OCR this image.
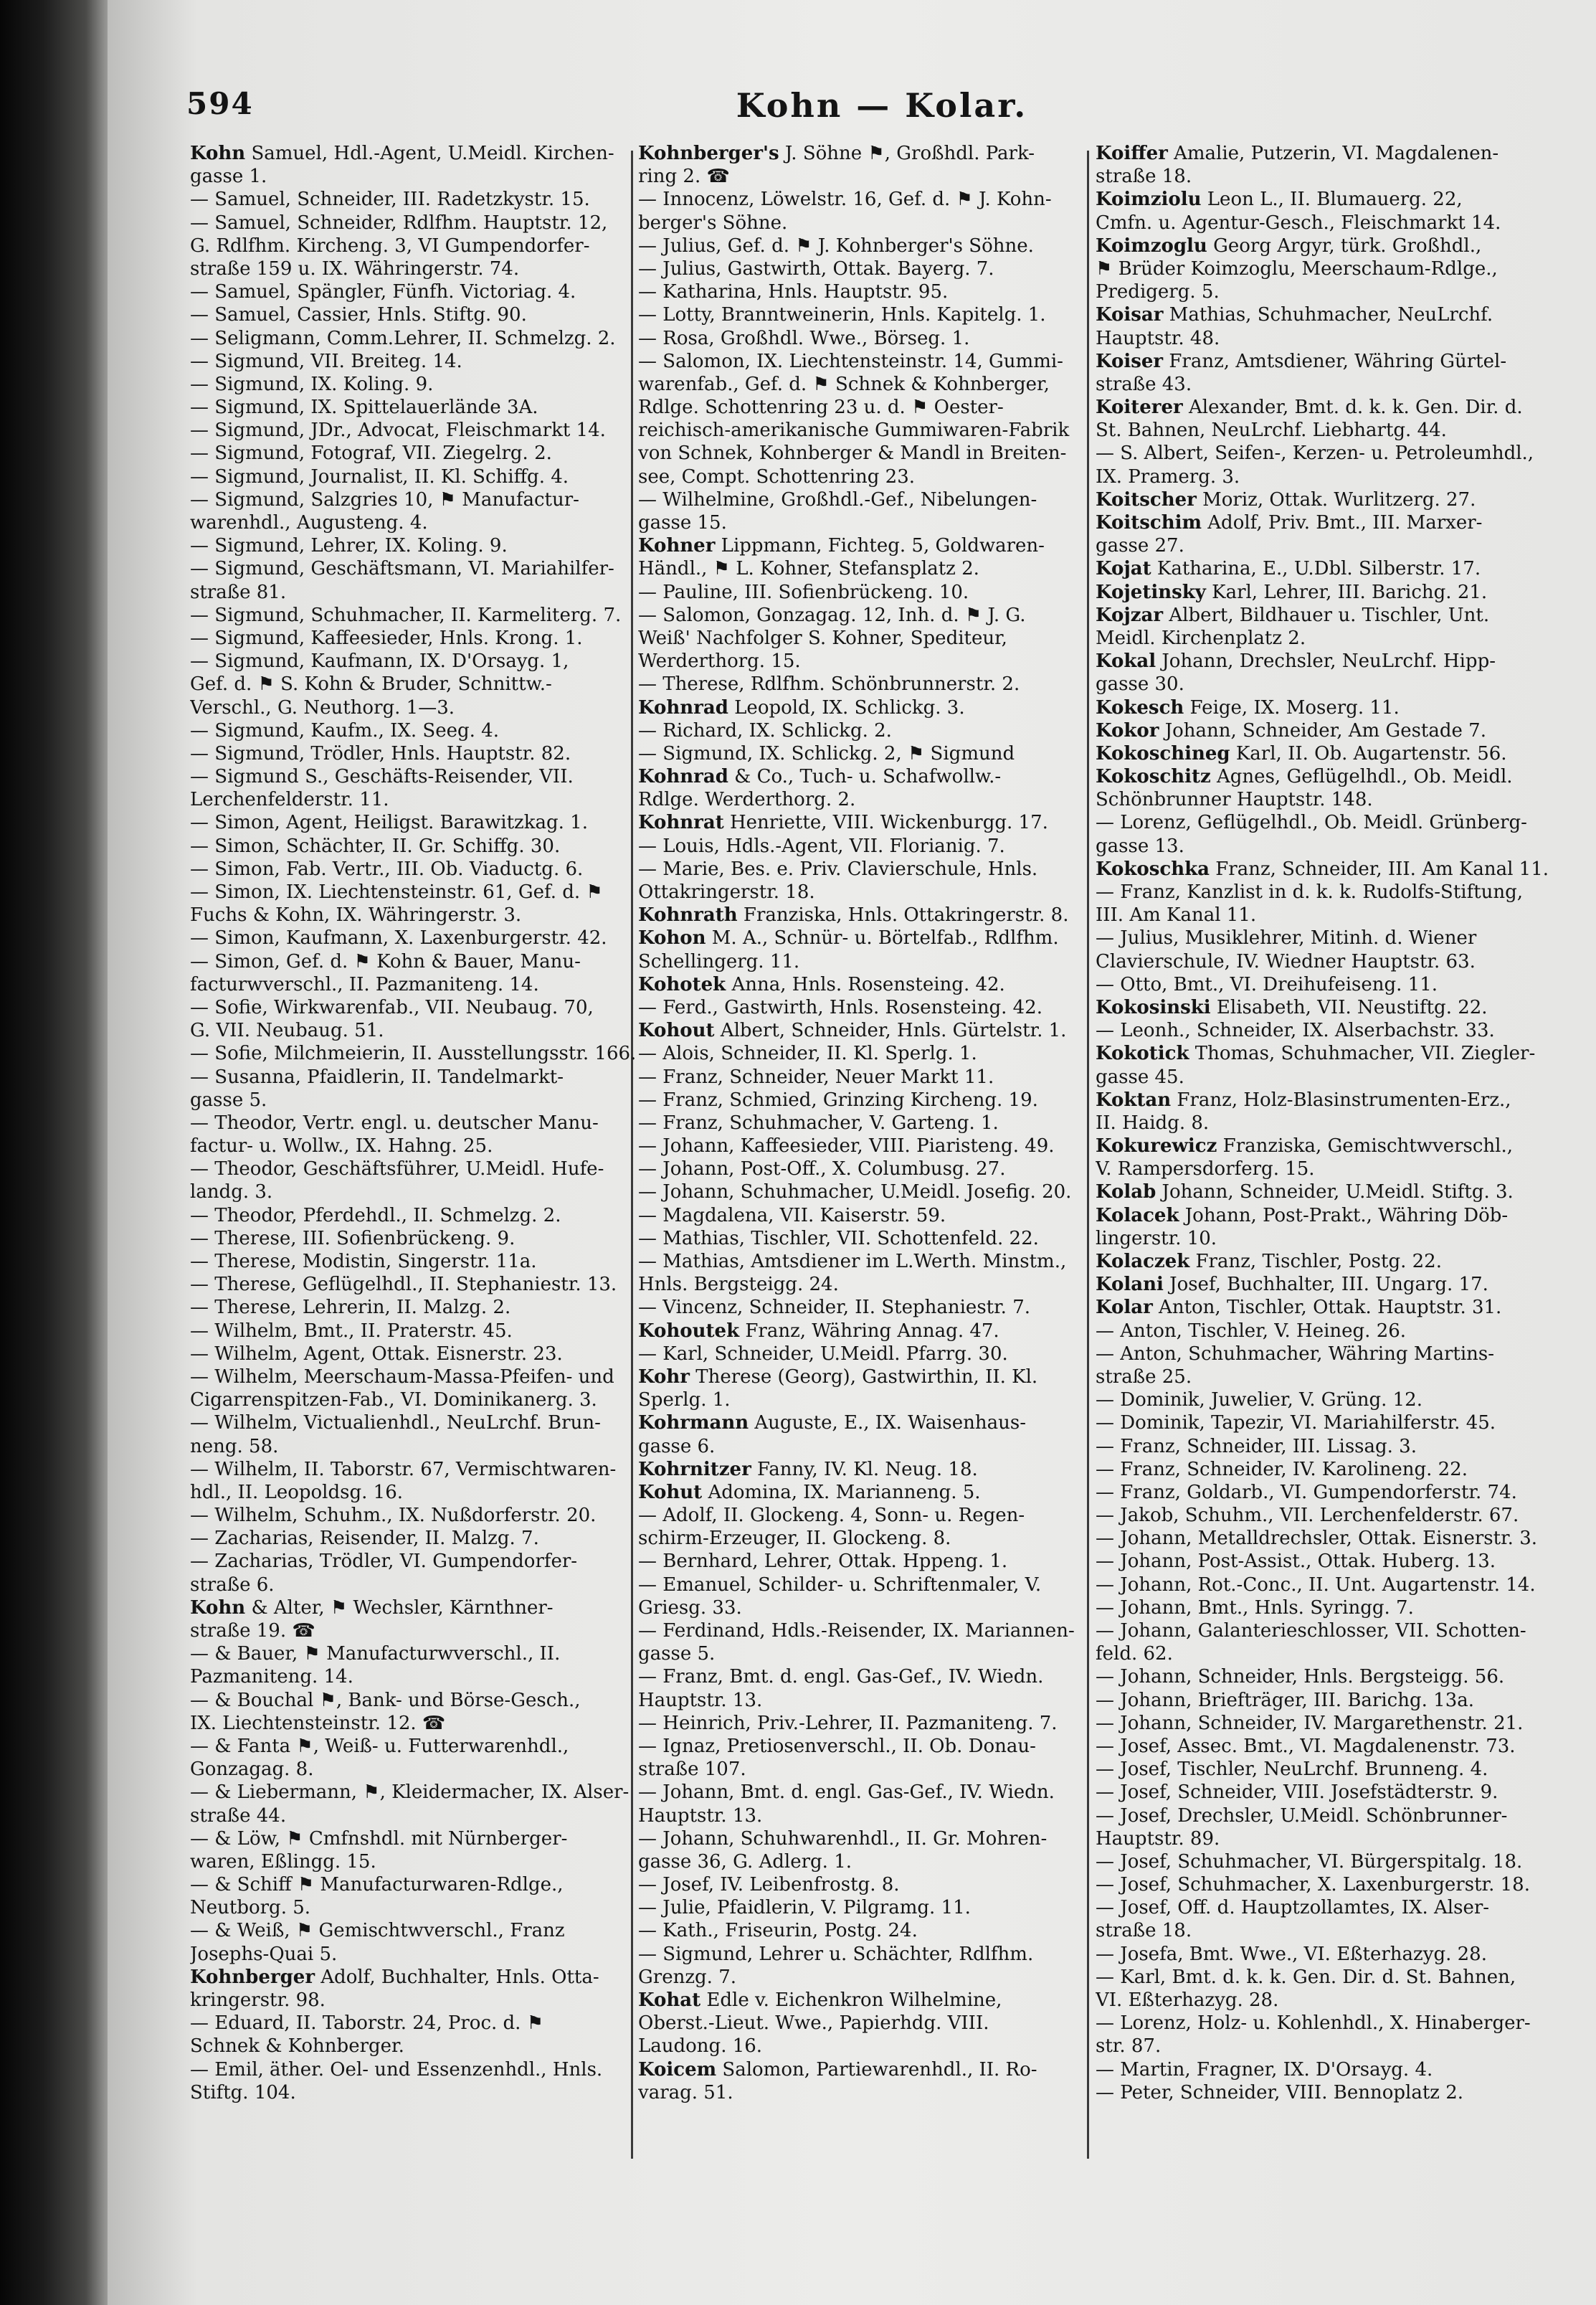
594	Kohn — Kolar.
Kohn Samuel, Hdl.-Agent, U.Meidl. Kirchen-
gasse 1.
— Samuel, Schneider, III. Radetzkystr. 15.
— Samuel, Schneider, Rdlfhm. Hauptstr. 12,
G. Rdlfhm. Kircheng. 3, VI Gumpendorfer-
straße 159 u. IX. Währingerstr. 74.
— Samuel, Spängler, Fünfh. Victoriag. 4.
— Samuel, Cassier, Hnls. Stiftg. 90.
— Seligmann, Comm.Lehrer, II. Schmelzg. 2.
— Sigmund, VII. Breiteg. 14.
— Sigmund, IX. Koling. 9.
— Sigmund, IX. Spittelauerlände 3A.
— Sigmund, JDr., Advocat, Fleischmarkt 14.
— Sigmund, Fotograf, VII. Ziegelrg. 2.
— Sigmund, Journalist, II. Kl. Schiffg. 4.
— Sigmund, Salzgries 10, ⚑ Manufactur-
warenhdl., Augusteng. 4.
— Sigmund, Lehrer, IX. Koling. 9.
— Sigmund, Geschäftsmann, VI. Mariahilfer-
straße 81.
— Sigmund, Schuhmacher, II. Karmeliterg. 7.
— Sigmund, Kaffeesieder, Hnls. Krong. 1.
— Sigmund, Kaufmann, IX. D'Orsayg. 1,
Gef. d. ⚑ S. Kohn & Bruder, Schnittw.-
Verschl., G. Neuthorg. 1—3.
— Sigmund, Kaufm., IX. Seeg. 4.
— Sigmund, Trödler, Hnls. Hauptstr. 82.
— Sigmund S., Geschäfts-Reisender, VII.
Lerchenfelderstr. 11.
— Simon, Agent, Heiligst. Barawitzkag. 1.
— Simon, Schächter, II. Gr. Schiffg. 30.
— Simon, Fab. Vertr., III. Ob. Viaductg. 6.
— Simon, IX. Liechtensteinstr. 61, Gef. d. ⚑
Fuchs & Kohn, IX. Währingerstr. 3.
— Simon, Kaufmann, X. Laxenburgerstr. 42.
— Simon, Gef. d. ⚑ Kohn & Bauer, Manu-
facturwverschl., II. Pazmaniteng. 14.
— Sofie, Wirkwarenfab., VII. Neubaug. 70,
G. VII. Neubaug. 51.
— Sofie, Milchmeierin, II. Ausstellungsstr. 166.
— Susanna, Pfaidlerin, II. Tandelmarkt-
gasse 5.
— Theodor, Vertr. engl. u. deutscher Manu-
factur- u. Wollw., IX. Hahng. 25.
— Theodor, Geschäftsführer, U.Meidl. Hufe-
landg. 3.
— Theodor, Pferdehdl., II. Schmelzg. 2.
— Therese, III. Sofienbrückeng. 9.
— Therese, Modistin, Singerstr. 11a.
— Therese, Geflügelhdl., II. Stephaniestr. 13.
— Therese, Lehrerin, II. Malzg. 2.
— Wilhelm, Bmt., II. Praterstr. 45.
— Wilhelm, Agent, Ottak. Eisnerstr. 23.
— Wilhelm, Meerschaum-Massa-Pfeifen- und
Cigarrenspitzen-Fab., VI. Dominikanerg. 3.
— Wilhelm, Victualienhdl., NeuLrchf. Brun-
neng. 58.
— Wilhelm, II. Taborstr. 67, Vermischtwaren-
hdl., II. Leopoldsg. 16.
— Wilhelm, Schuhm., IX. Nußdorferstr. 20.
— Zacharias, Reisender, II. Malzg. 7.
— Zacharias, Trödler, VI. Gumpendorfer-
straße 6.
Kohn & Alter, ⚑ Wechsler, Kärnthner-
straße 19. ☎
— & Bauer, ⚑ Manufacturwverschl., II.
Pazmaniteng. 14.
— & Bouchal ⚑, Bank- und Börse-Gesch.,
IX. Liechtensteinstr. 12. ☎
— & Fanta ⚑, Weiß- u. Futterwarenhdl.,
Gonzagag. 8.
— & Liebermann, ⚑, Kleidermacher, IX. Alser-
straße 44.
— & Löw, ⚑ Cmfnshdl. mit Nürnberger-
waren, Eßlingg. 15.
— & Schiff ⚑ Manufacturwaren-Rdlge.,
Neutborg. 5.
— & Weiß, ⚑ Gemischtwverschl., Franz
Josephs-Quai 5.
Kohnberger Adolf, Buchhalter, Hnls. Otta-
kringerstr. 98.
— Eduard, II. Taborstr. 24, Proc. d. ⚑
Schnek & Kohnberger.
— Emil, äther. Oel- und Essenzenhdl., Hnls.
Stiftg. 104.
Kohnberger's J. Söhne ⚑, Großhdl. Park-
ring 2. ☎
— Innocenz, Löwelstr. 16, Gef. d. ⚑ J. Kohn-
berger's Söhne.
— Julius, Gef. d. ⚑ J. Kohnberger's Söhne.
— Julius, Gastwirth, Ottak. Bayerg. 7.
— Katharina, Hnls. Hauptstr. 95.
— Lotty, Branntweinerin, Hnls. Kapitelg. 1.
— Rosa, Großhdl. Wwe., Börseg. 1.
— Salomon, IX. Liechtensteinstr. 14, Gummi-
warenfab., Gef. d. ⚑ Schnek & Kohnberger,
Rdlge. Schottenring 23 u. d. ⚑ Oester-
reichisch-amerikanische Gummiwaren-Fabrik
von Schnek, Kohnberger & Mandl in Breiten-
see, Compt. Schottenring 23.
— Wilhelmine, Großhdl.-Gef., Nibelungen-
gasse 15.
Kohner Lippmann, Fichteg. 5, Goldwaren-
Händl., ⚑ L. Kohner, Stefansplatz 2.
— Pauline, III. Sofienbrückeng. 10.
— Salomon, Gonzagag. 12, Inh. d. ⚑ J. G.
Weiß' Nachfolger S. Kohner, Spediteur,
Werderthorg. 15.
— Therese, Rdlfhm. Schönbrunnerstr. 2.
Kohnrad Leopold, IX. Schlickg. 3.
— Richard, IX. Schlickg. 2.
— Sigmund, IX. Schlickg. 2, ⚑ Sigmund
Kohnrad & Co., Tuch- u. Schafwollw.-
Rdlge. Werderthorg. 2.
Kohnrat Henriette, VIII. Wickenburgg. 17.
— Louis, Hdls.-Agent, VII. Florianig. 7.
— Marie, Bes. e. Priv. Clavierschule, Hnls.
Ottakringerstr. 18.
Kohnrath Franziska, Hnls. Ottakringerstr. 8.
Kohon M. A., Schnür- u. Börtelfab., Rdlfhm.
Schellingerg. 11.
Kohotek Anna, Hnls. Rosensteing. 42.
— Ferd., Gastwirth, Hnls. Rosensteing. 42.
Kohout Albert, Schneider, Hnls. Gürtelstr. 1.
— Alois, Schneider, II. Kl. Sperlg. 1.
— Franz, Schneider, Neuer Markt 11.
— Franz, Schmied, Grinzing Kircheng. 19.
— Franz, Schuhmacher, V. Garteng. 1.
— Johann, Kaffeesieder, VIII. Piaristeng. 49.
— Johann, Post-Off., X. Columbusg. 27.
— Johann, Schuhmacher, U.Meidl. Josefig. 20.
— Magdalena, VII. Kaiserstr. 59.
— Mathias, Tischler, VII. Schottenfeld. 22.
— Mathias, Amtsdiener im L.Werth. Minstm.,
Hnls. Bergsteigg. 24.
— Vincenz, Schneider, II. Stephaniestr. 7.
Kohoutek Franz, Währing Annag. 47.
— Karl, Schneider, U.Meidl. Pfarrg. 30.
Kohr Therese (Georg), Gastwirthin, II. Kl.
Sperlg. 1.
Kohrmann Auguste, E., IX. Waisenhaus-
gasse 6.
Kohrnitzer Fanny, IV. Kl. Neug. 18.
Kohut Adomina, IX. Marianneng. 5.
— Adolf, II. Glockeng. 4, Sonn- u. Regen-
schirm-Erzeuger, II. Glockeng. 8.
— Bernhard, Lehrer, Ottak. Hppeng. 1.
— Emanuel, Schilder- u. Schriftenmaler, V.
Griesg. 33.
— Ferdinand, Hdls.-Reisender, IX. Mariannen-
gasse 5.
— Franz, Bmt. d. engl. Gas-Gef., IV. Wiedn.
Hauptstr. 13.
— Heinrich, Priv.-Lehrer, II. Pazmaniteng. 7.
— Ignaz, Pretiosenverschl., II. Ob. Donau-
straße 107.
— Johann, Bmt. d. engl. Gas-Gef., IV. Wiedn.
Hauptstr. 13.
— Johann, Schuhwarenhdl., II. Gr. Mohren-
gasse 36, G. Adlerg. 1.
— Josef, IV. Leibenfrostg. 8.
— Julie, Pfaidlerin, V. Pilgramg. 11.
— Kath., Friseurin, Postg. 24.
— Sigmund, Lehrer u. Schächter, Rdlfhm.
Grenzg. 7.
Kohat Edle v. Eichenkron Wilhelmine,
Oberst.-Lieut. Wwe., Papierhdg. VIII.
Laudong. 16.
Koicem Salomon, Partiewarenhdl., II. Ro-
varag. 51.
Koiffer Amalie, Putzerin, VI. Magdalenen-
straße 18.
Koimziolu Leon L., II. Blumauerg. 22,
Cmfn. u. Agentur-Gesch., Fleischmarkt 14.
Koimzoglu Georg Argyr, türk. Großhdl.,
⚑ Brüder Koimzoglu, Meerschaum-Rdlge.,
Predigerg. 5.
Koisar Mathias, Schuhmacher, NeuLrchf.
Hauptstr. 48.
Koiser Franz, Amtsdiener, Währing Gürtel-
straße 43.
Koiterer Alexander, Bmt. d. k. k. Gen. Dir. d.
St. Bahnen, NeuLrchf. Liebhartg. 44.
— S. Albert, Seifen-, Kerzen- u. Petroleumhdl.,
IX. Pramerg. 3.
Koitscher Moriz, Ottak. Wurlitzerg. 27.
Koitschim Adolf, Priv. Bmt., III. Marxer-
gasse 27.
Kojat Katharina, E., U.Dbl. Silberstr. 17.
Kojetinsky Karl, Lehrer, III. Barichg. 21.
Kojzar Albert, Bildhauer u. Tischler, Unt.
Meidl. Kirchenplatz 2.
Kokal Johann, Drechsler, NeuLrchf. Hipp-
gasse 30.
Kokesch Feige, IX. Moserg. 11.
Kokor Johann, Schneider, Am Gestade 7.
Kokoschineg Karl, II. Ob. Augartenstr. 56.
Kokoschitz Agnes, Geflügelhdl., Ob. Meidl.
Schönbrunner Hauptstr. 148.
— Lorenz, Geflügelhdl., Ob. Meidl. Grünberg-
gasse 13.
Kokoschka Franz, Schneider, III. Am Kanal 11.
— Franz, Kanzlist in d. k. k. Rudolfs-Stiftung,
III. Am Kanal 11.
— Julius, Musiklehrer, Mitinh. d. Wiener
Clavierschule, IV. Wiedner Hauptstr. 63.
— Otto, Bmt., VI. Dreihufeiseng. 11.
Kokosinski Elisabeth, VII. Neustiftg. 22.
— Leonh., Schneider, IX. Alserbachstr. 33.
Kokotick Thomas, Schuhmacher, VII. Ziegler-
gasse 45.
Koktan Franz, Holz-Blasinstrumenten-Erz.,
II. Haidg. 8.
Kokurewicz Franziska, Gemischtwverschl.,
V. Rampersdorferg. 15.
Kolab Johann, Schneider, U.Meidl. Stiftg. 3.
Kolacek Johann, Post-Prakt., Währing Döb-
lingerstr. 10.
Kolaczek Franz, Tischler, Postg. 22.
Kolani Josef, Buchhalter, III. Ungarg. 17.
Kolar Anton, Tischler, Ottak. Hauptstr. 31.
— Anton, Tischler, V. Heineg. 26.
— Anton, Schuhmacher, Währing Martins-
straße 25.
— Dominik, Juwelier, V. Grüng. 12.
— Dominik, Tapezir, VI. Mariahilferstr. 45.
— Franz, Schneider, III. Lissag. 3.
— Franz, Schneider, IV. Karolineng. 22.
— Franz, Goldarb., VI. Gumpendorferstr. 74.
— Jakob, Schuhm., VII. Lerchenfelderstr. 67.
— Johann, Metalldrechsler, Ottak. Eisnerstr. 3.
— Johann, Post-Assist., Ottak. Huberg. 13.
— Johann, Rot.-Conc., II. Unt. Augartenstr. 14.
— Johann, Bmt., Hnls. Syringg. 7.
— Johann, Galanterieschlosser, VII. Schotten-
feld. 62.
— Johann, Schneider, Hnls. Bergsteigg. 56.
— Johann, Briefträger, III. Barichg. 13a.
— Johann, Schneider, IV. Margarethenstr. 21.
— Josef, Assec. Bmt., VI. Magdalenenstr. 73.
— Josef, Tischler, NeuLrchf. Brunneng. 4.
— Josef, Schneider, VIII. Josefstädterstr. 9.
— Josef, Drechsler, U.Meidl. Schönbrunner-
Hauptstr. 89.
— Josef, Schuhmacher, VI. Bürgerspitalg. 18.
— Josef, Schuhmacher, X. Laxenburgerstr. 18.
— Josef, Off. d. Hauptzollamtes, IX. Alser-
straße 18.
— Josefa, Bmt. Wwe., VI. Eßterhazyg. 28.
— Karl, Bmt. d. k. k. Gen. Dir. d. St. Bahnen,
VI. Eßterhazyg. 28.
— Lorenz, Holz- u. Kohlenhdl., X. Hinaberger-
str. 87.
— Martin, Fragner, IX. D'Orsayg. 4.
— Peter, Schneider, VIII. Bennoplatz 2.
